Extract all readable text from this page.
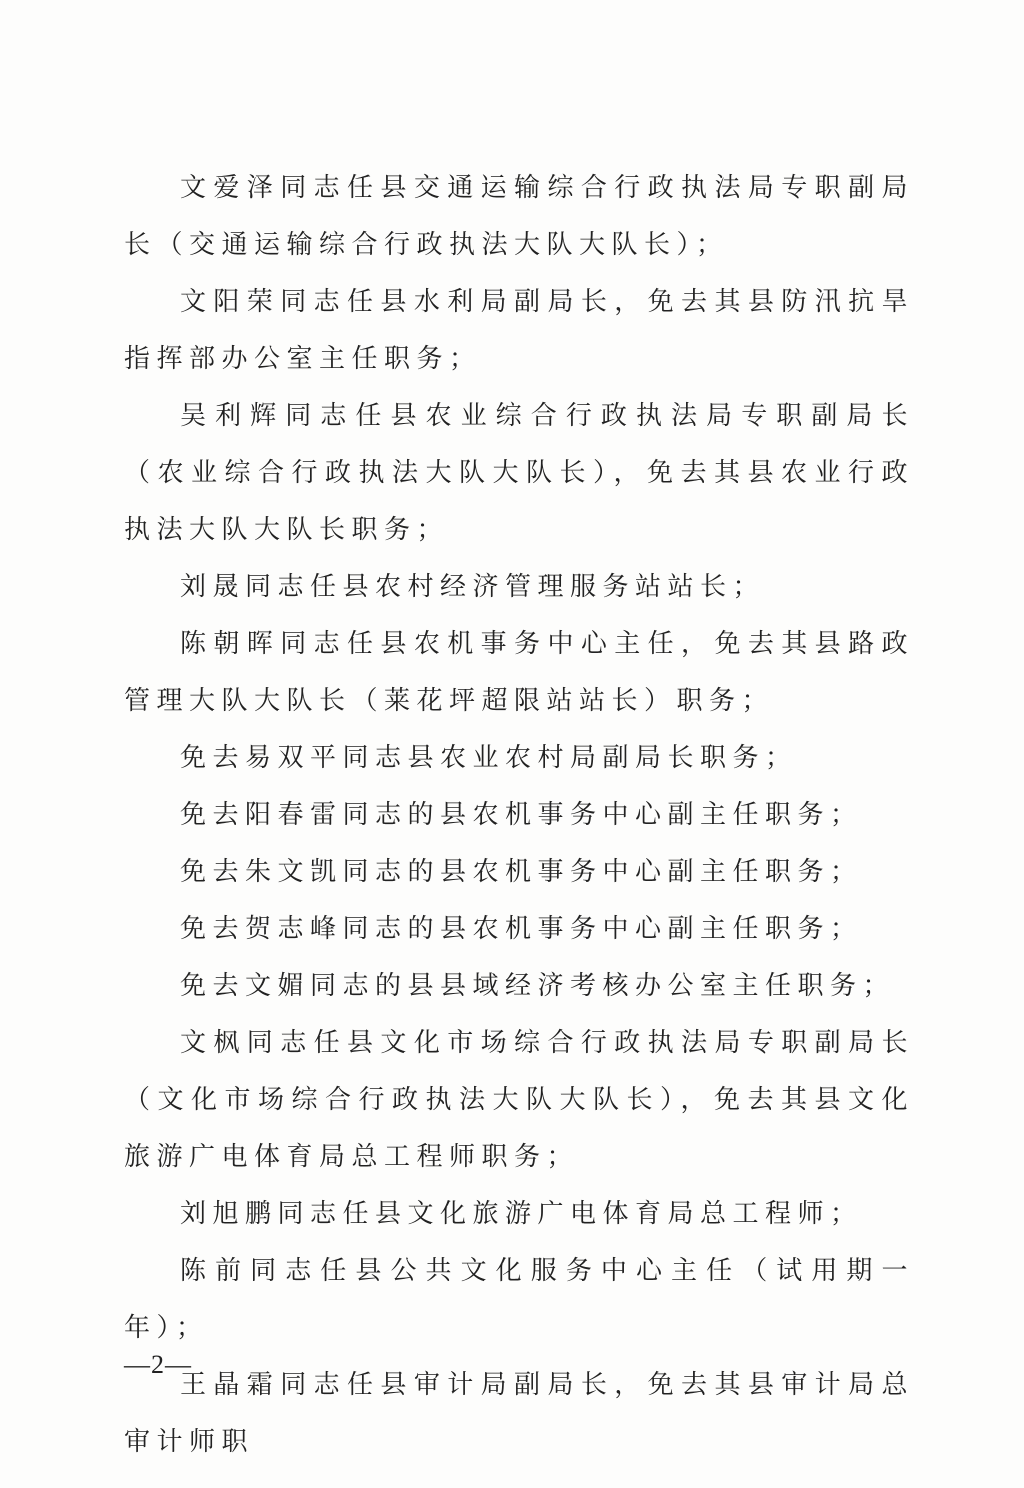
文爱泽同志任县交通运输综合行政执法局专职副局长（交通运输综合行政执法大队大队长）；

文阳荣同志任县水利局副局长，免去其县防汛抗旱指挥部办公室主任职务；

吴利辉同志任县农业综合行政执法局专职副局长（农业综合行政执法大队大队长），免去其县农业行政执法大队大队长职务；

刘晟同志任县农村经济管理服务站站长；

陈朝晖同志任县农机事务中心主任，免去其县路政管理大队大队长（莱花坪超限站站长）职务；

免去易双平同志县农业农村局副局长职务；

免去阳春雷同志的县农机事务中心副主任职务；

免去朱文凯同志的县农机事务中心副主任职务；

免去贺志峰同志的县农机事务中心副主任职务；

免去文媚同志的县县域经济考核办公室主任职务；

文枫同志任县文化市场综合行政执法局专职副局长（文化市场综合行政执法大队大队长），免去其县文化旅游广电体育局总工程师职务；

刘旭鹏同志任县文化旅游广电体育局总工程师；

陈前同志任县公共文化服务中心主任（试用期一年）；

王晶霜同志任县审计局副局长，免去其县审计局总审计师职

—2—
